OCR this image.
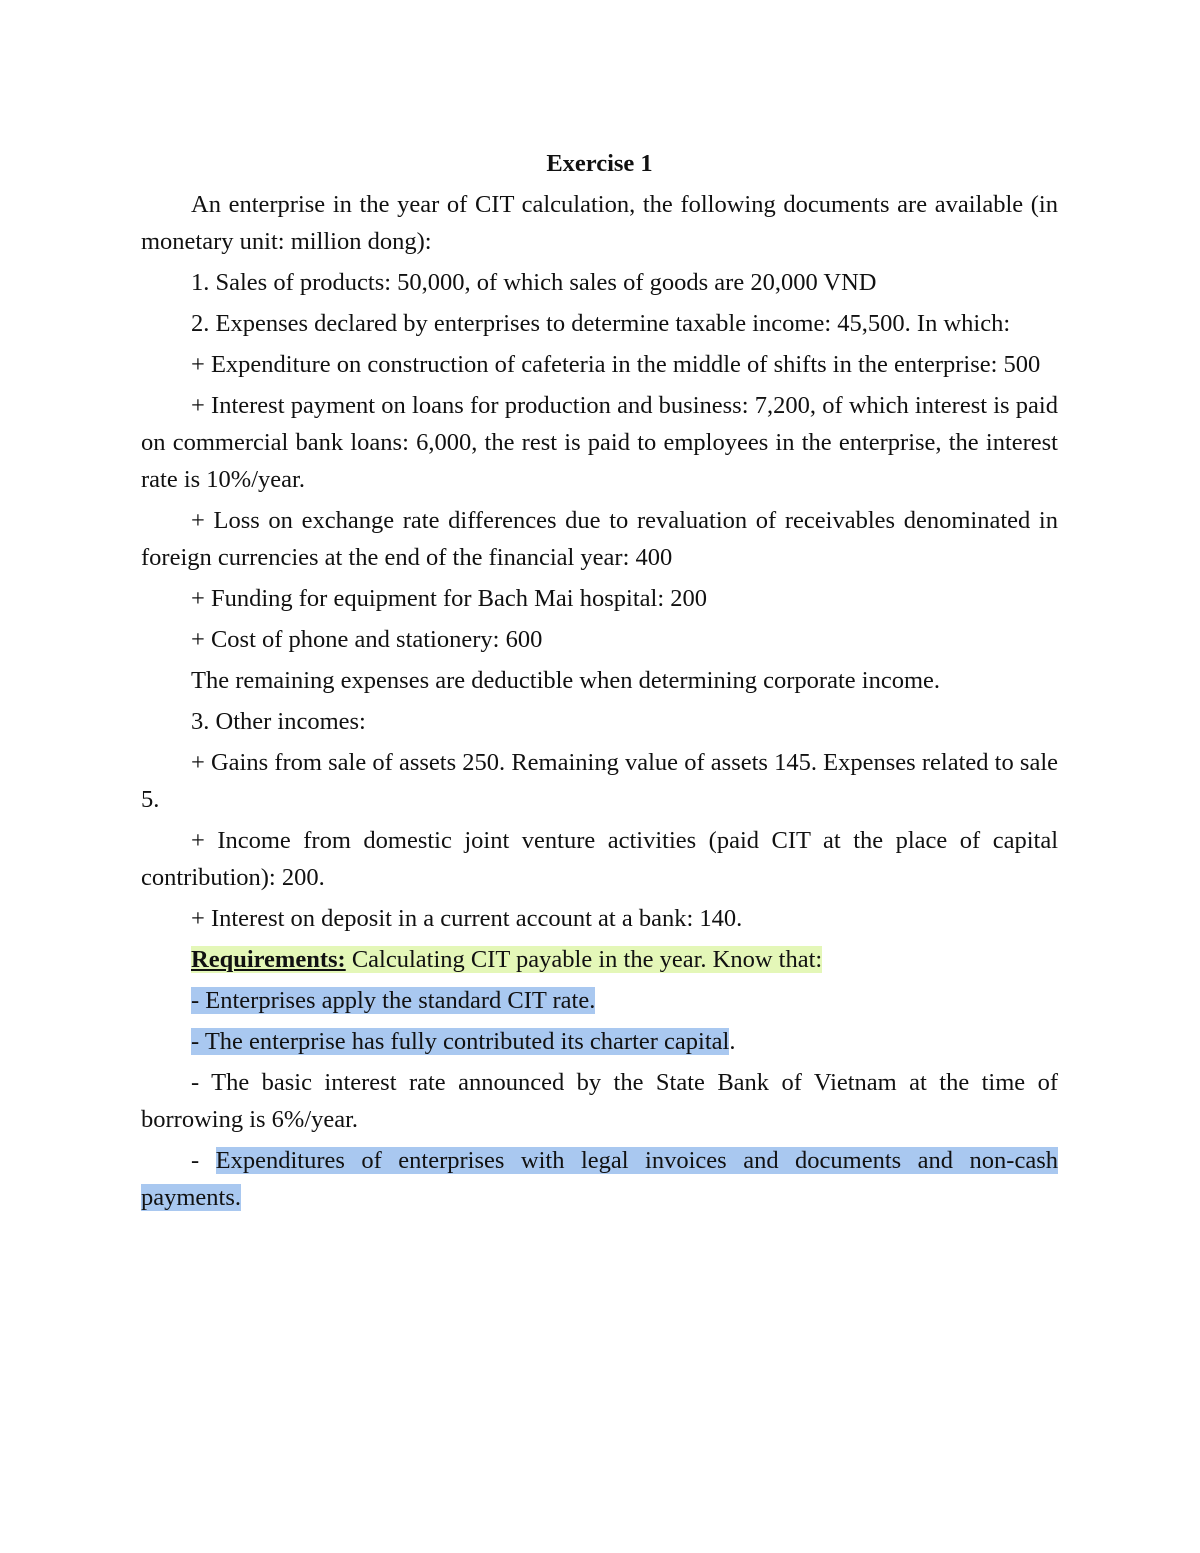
Exercise 1

An enterprise in the year of CIT calculation, the following documents are available (in monetary unit: million dong):

1. Sales of products: 50,000, of which sales of goods are 20,000 VND

2. Expenses declared by enterprises to determine taxable income: 45,500. In which:

+ Expenditure on construction of cafeteria in the middle of shifts in the enterprise: 500

+ Interest payment on loans for production and business: 7,200, of which interest is paid on commercial bank loans: 6,000, the rest is paid to employees in the enterprise, the interest rate is 10%/year.

+ Loss on exchange rate differences due to revaluation of receivables denominated in foreign currencies at the end of the financial year: 400

+ Funding for equipment for Bach Mai hospital: 200

+ Cost of phone and stationery: 600

The remaining expenses are deductible when determining corporate income.

3. Other incomes:

+ Gains from sale of assets 250. Remaining value of assets 145. Expenses related to sale 5.

+ Income from domestic joint venture activities (paid CIT at the place of capital contribution): 200.

+ Interest on deposit in a current account at a bank: 140.

Requirements: Calculating CIT payable in the year. Know that:

- Enterprises apply the standard CIT rate.

- The enterprise has fully contributed its charter capital.

- The basic interest rate announced by the State Bank of Vietnam at the time of borrowing is 6%/year.

- Expenditures of enterprises with legal invoices and documents and non-cash payments.
